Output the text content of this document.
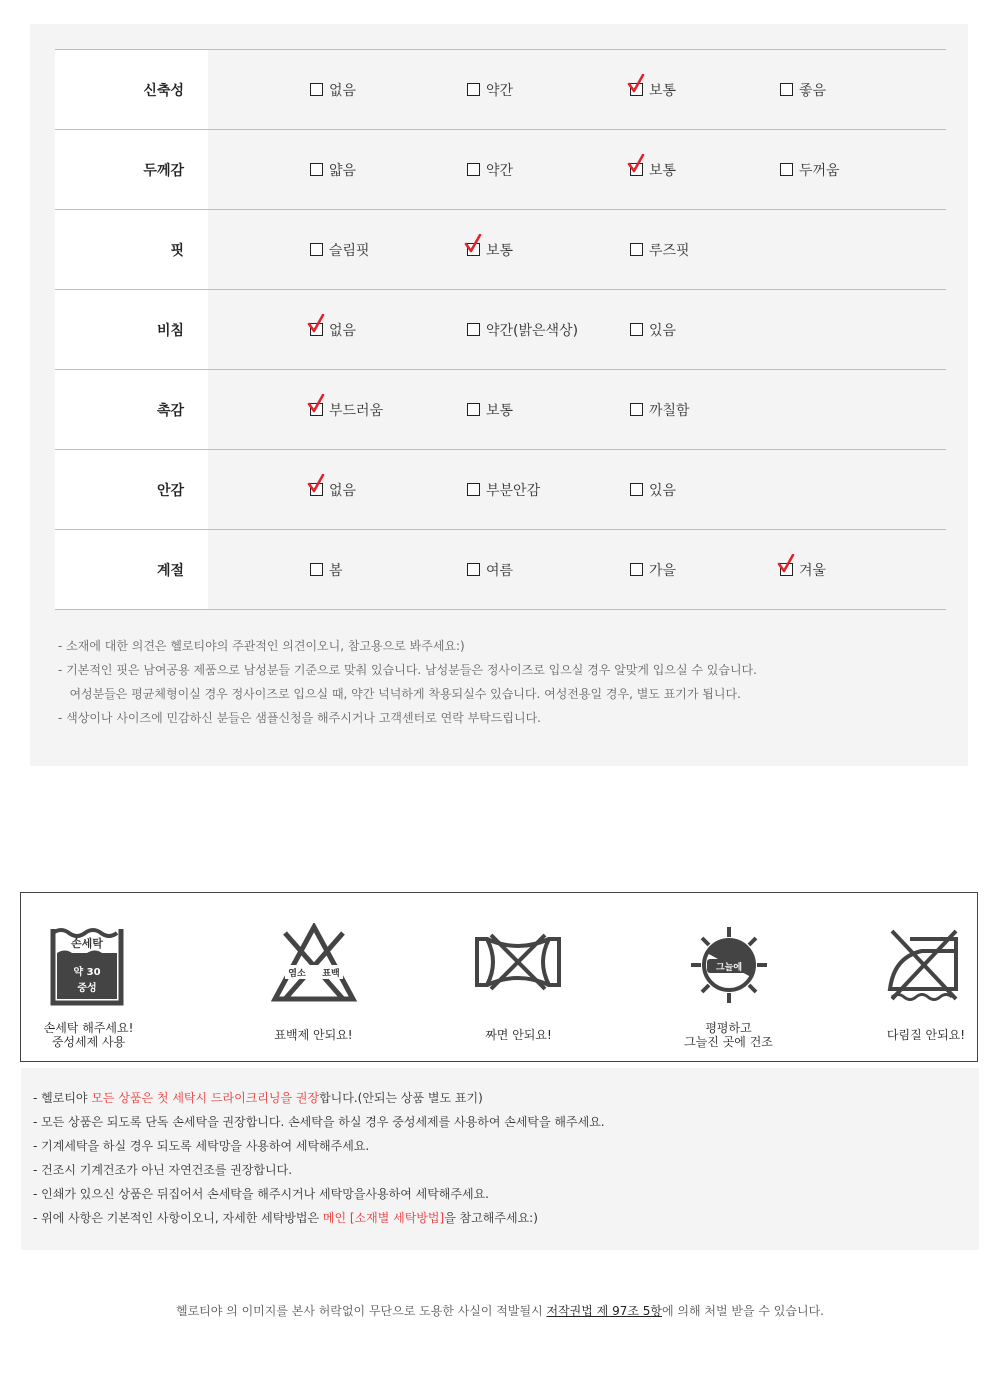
신축성	없음	약간	보통	좋음
두께감	얇음	약간	보통	두꺼움
핏	슬림핏	보통	루즈핏
비침	없음	약간(밝은색상)	있음
촉감	부드러움	보통	까칠함
안감	없음	부분안감	있음
계절	봄	여름	가을	겨울
- 소재에 대한 의견은 헬로티야의 주관적인 의견이오니, 참고용으로 봐주세요:)
- 기본적인 핏은 남여공용 제품으로 남성분들 기준으로 맞춰 있습니다. 남성분들은 정사이즈로 입으실 경우 알맞게 입으실 수 있습니다.
여성분들은 평균체형이실 경우 정사이즈로 입으실 때, 약간 넉넉하게 착용되실수 있습니다. 여성전용일 경우, 별도 표기가 됩니다.
- 색상이나 사이즈에 민감하신 분들은 샘플신청을 해주시거나 고객센터로 연락 부탁드립니다.
손세탁
약 30
중성
손세탁 해주세요!
중성세제 사용
염소 표백
표백제 안되요!	짜면 안되요!
그늘에
평평하고
그늘진 곳에 건조	다림질 안되요!
- 헬로티야 모든 상품은 첫 세탁시 드라이크리닝을 권장합니다.(안되는 상품 별도 표기)
- 모든 상품은 되도록 단독 손세탁을 권장합니다. 손세탁을 하실 경우 중성세제를 사용하여 손세탁을 해주세요.
- 기계세탁을 하실 경우 되도록 세탁망을 사용하여 세탁해주세요.
- 건조시 기계건조가 아닌 자연건조를 권장합니다.
- 인쇄가 있으신 상품은 뒤집어서 손세탁을 해주시거나 세탁망을사용하여 세탁해주세요.
- 위에 사항은 기본적인 사항이오니, 자세한 세탁방법은 메인 [소재별 세탁방법]을 참고해주세요:)
헬로티야 의 이미지를 본사 허락없이 무단으로 도용한 사실이 적발될시 저작권법 제 97조 5항에 의해 처벌 받을 수 있습니다.
